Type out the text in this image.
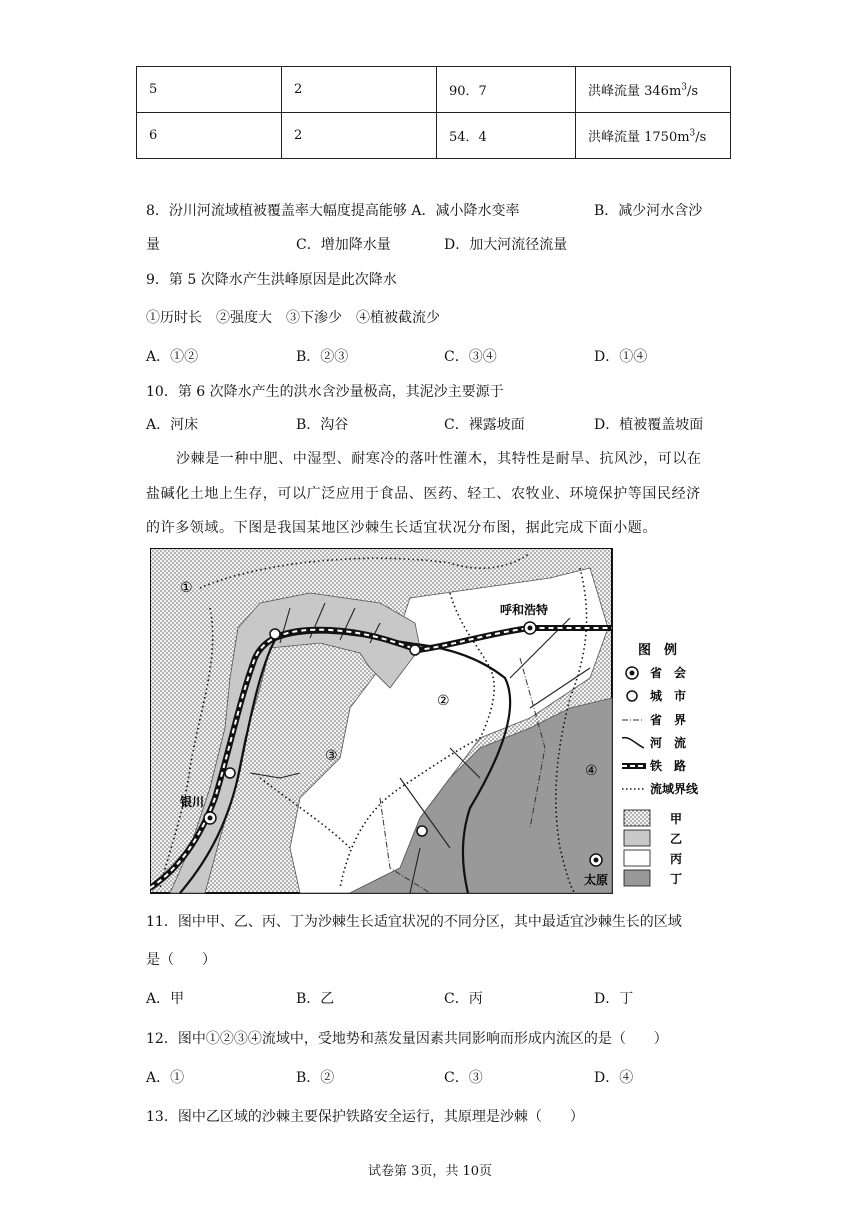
5	2	90．7	洪峰流量 $346m^3/s$
6	2	54．4	洪峰流量 $1750m^3/s$
8．汾川河流域植被覆盖率大幅度提高能够 A．减小降水变率	B．减少河水含沙
量	C．增加降水量	D．加大河流径流量
9．第 5 次降水产生洪峰原因是此次降水
①历时长　②强度大　③下渗少　④植被截流少
A．①②	B．②③	C．③④	D．①④
10．第 6 次降水产生的洪水含沙量极高，其泥沙主要源于
A．河床	B．沟谷	C．裸露坡面	D．植被覆盖坡面
沙棘是一种中肥、中湿型、耐寒冷的落叶性灌木，其特性是耐旱、抗风沙，可以在
盐碱化土地上生存，可以广泛应用于食品、医药、轻工、农牧业、环境保护等国民经济
的许多领域。下图是我国某地区沙棘生长适宜状况分布图，据此完成下面小题。
呼和浩特
银川
太原
①
②
③
④
图　例
省　会
城　市
省　界
河　流
铁　路
流域界线
甲
乙
丙
丁
11．图中甲、乙、丙、丁为沙棘生长适宜状况的不同分区，其中最适宜沙棘生长的区域
是（　　）
A．甲	B．乙	C．丙	D．丁
12．图中①②③④流域中，受地势和蒸发量因素共同影响而形成内流区的是（　　）
A．①	B．②	C．③	D．④
13．图中乙区域的沙棘主要保护铁路安全运行，其原理是沙棘（　　）
试卷第 3页，共 10页
